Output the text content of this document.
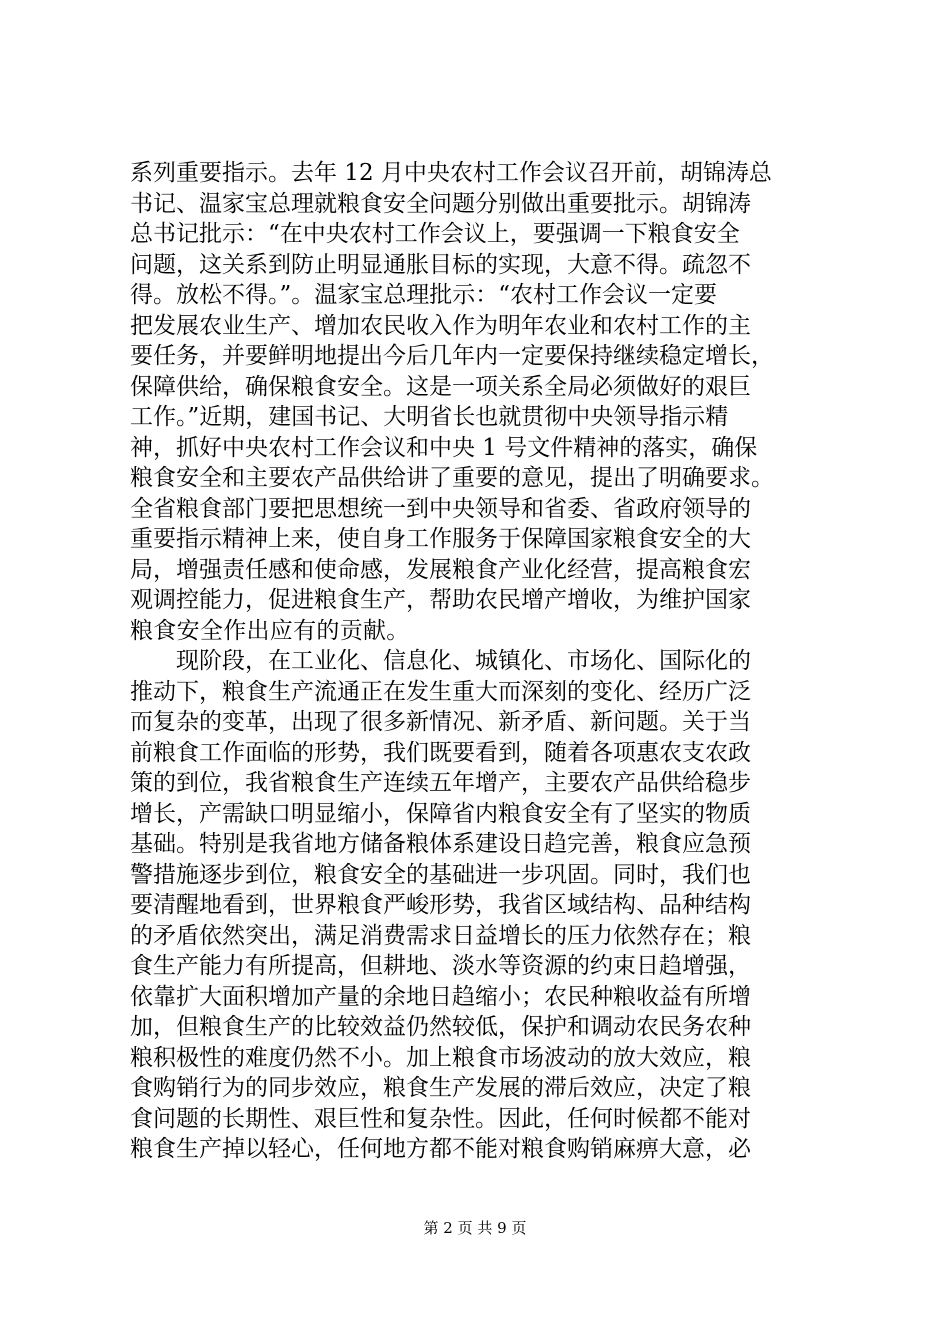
系列重要指示。去年 12 月中央农村工作会议召开前，胡锦涛总
书记、温家宝总理就粮食安全问题分别做出重要批示。胡锦涛
总书记批示：“在中央农村工作会议上，要强调一下粮食安全
问题，这关系到防止明显通胀目标的实现，大意不得。疏忽不
得。放松不得。”。温家宝总理批示：“农村工作会议一定要
把发展农业生产、增加农民收入作为明年农业和农村工作的主
要任务，并要鲜明地提出今后几年内一定要保持继续稳定增长，
保障供给，确保粮食安全。这是一项关系全局必须做好的艰巨
工作。”近期，建国书记、大明省长也就贯彻中央领导指示精
神，抓好中央农村工作会议和中央 1 号文件精神的落实，确保
粮食安全和主要农产品供给讲了重要的意见，提出了明确要求。
全省粮食部门要把思想统一到中央领导和省委、省政府领导的
重要指示精神上来，使自身工作服务于保障国家粮食安全的大
局，增强责任感和使命感，发展粮食产业化经营，提高粮食宏
观调控能力，促进粮食生产，帮助农民增产增收，为维护国家
粮食安全作出应有的贡献。
　　现阶段，在工业化、信息化、城镇化、市场化、国际化的
推动下，粮食生产流通正在发生重大而深刻的变化、经历广泛
而复杂的变革，出现了很多新情况、新矛盾、新问题。关于当
前粮食工作面临的形势，我们既要看到，随着各项惠农支农政
策的到位，我省粮食生产连续五年增产，主要农产品供给稳步
增长，产需缺口明显缩小，保障省内粮食安全有了坚实的物质
基础。特别是我省地方储备粮体系建设日趋完善，粮食应急预
警措施逐步到位，粮食安全的基础进一步巩固。同时，我们也
要清醒地看到，世界粮食严峻形势，我省区域结构、品种结构
的矛盾依然突出，满足消费需求日益增长的压力依然存在；粮
食生产能力有所提高，但耕地、淡水等资源的约束日趋增强，
依靠扩大面积增加产量的余地日趋缩小；农民种粮收益有所增
加，但粮食生产的比较效益仍然较低，保护和调动农民务农种
粮积极性的难度仍然不小。加上粮食市场波动的放大效应，粮
食购销行为的同步效应，粮食生产发展的滞后效应，决定了粮
食问题的长期性、艰巨性和复杂性。因此，任何时候都不能对
粮食生产掉以轻心，任何地方都不能对粮食购销麻痹大意，必
第 2 页 共 9 页
